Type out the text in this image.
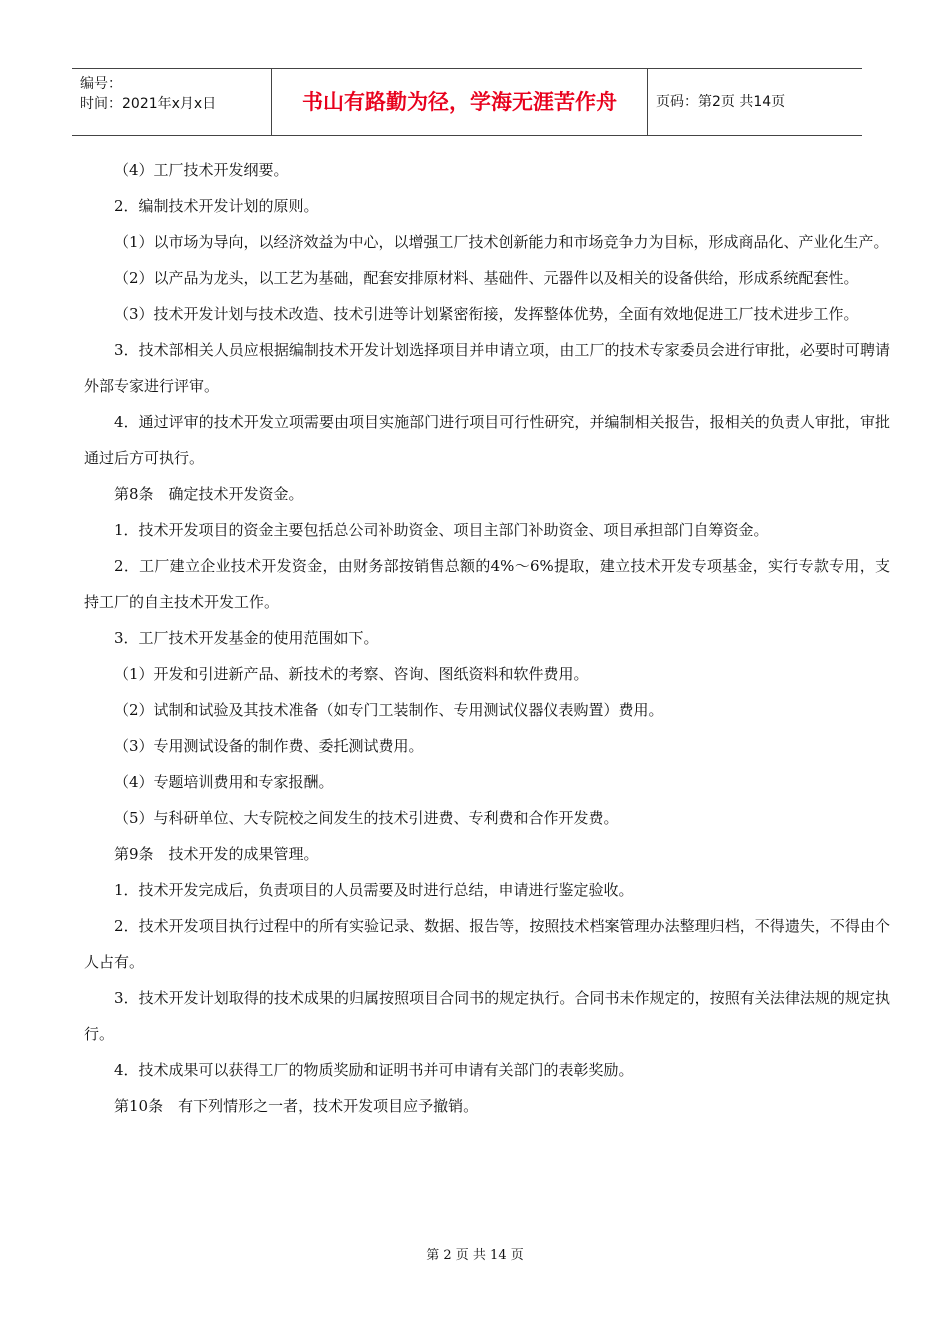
编号：
时间：2021年x月x日	书山有路勤为径，学海无涯苦作舟	页码：第2页 共14页

（4）工厂技术开发纲要。

2．编制技术开发计划的原则。

（1）以市场为导向，以经济效益为中心，以增强工厂技术创新能力和市场竞争力为目标，形成商品化、产业化生产。

（2）以产品为龙头，以工艺为基础，配套安排原材料、基础件、元器件以及相关的设备供给，形成系统配套性。

（3）技术开发计划与技术改造、技术引进等计划紧密衔接，发挥整体优势，全面有效地促进工厂技术进步工作。

3．技术部相关人员应根据编制技术开发计划选择项目并申请立项，由工厂的技术专家委员会进行审批，必要时可聘请外部专家进行评审。

4．通过评审的技术开发立项需要由项目实施部门进行项目可行性研究，并编制相关报告，报相关的负责人审批，审批通过后方可执行。

第8条　确定技术开发资金。

1．技术开发项目的资金主要包括总公司补助资金、项目主部门补助资金、项目承担部门自筹资金。

2．工厂建立企业技术开发资金，由财务部按销售总额的4%～6%提取，建立技术开发专项基金，实行专款专用，支持工厂的自主技术开发工作。

3．工厂技术开发基金的使用范围如下。

（1）开发和引进新产品、新技术的考察、咨询、图纸资料和软件费用。

（2）试制和试验及其技术准备（如专门工装制作、专用测试仪器仪表购置）费用。

（3）专用测试设备的制作费、委托测试费用。

（4）专题培训费用和专家报酬。

（5）与科研单位、大专院校之间发生的技术引进费、专利费和合作开发费。

第9条　技术开发的成果管理。

1．技术开发完成后，负责项目的人员需要及时进行总结，申请进行鉴定验收。

2．技术开发项目执行过程中的所有实验记录、数据、报告等，按照技术档案管理办法整理归档，不得遗失，不得由个人占有。

3．技术开发计划取得的技术成果的归属按照项目合同书的规定执行。合同书未作规定的，按照有关法律法规的规定执行。

4．技术成果可以获得工厂的物质奖励和证明书并可申请有关部门的表彰奖励。

第10条　有下列情形之一者，技术开发项目应予撤销。

第 2 页 共 14 页
